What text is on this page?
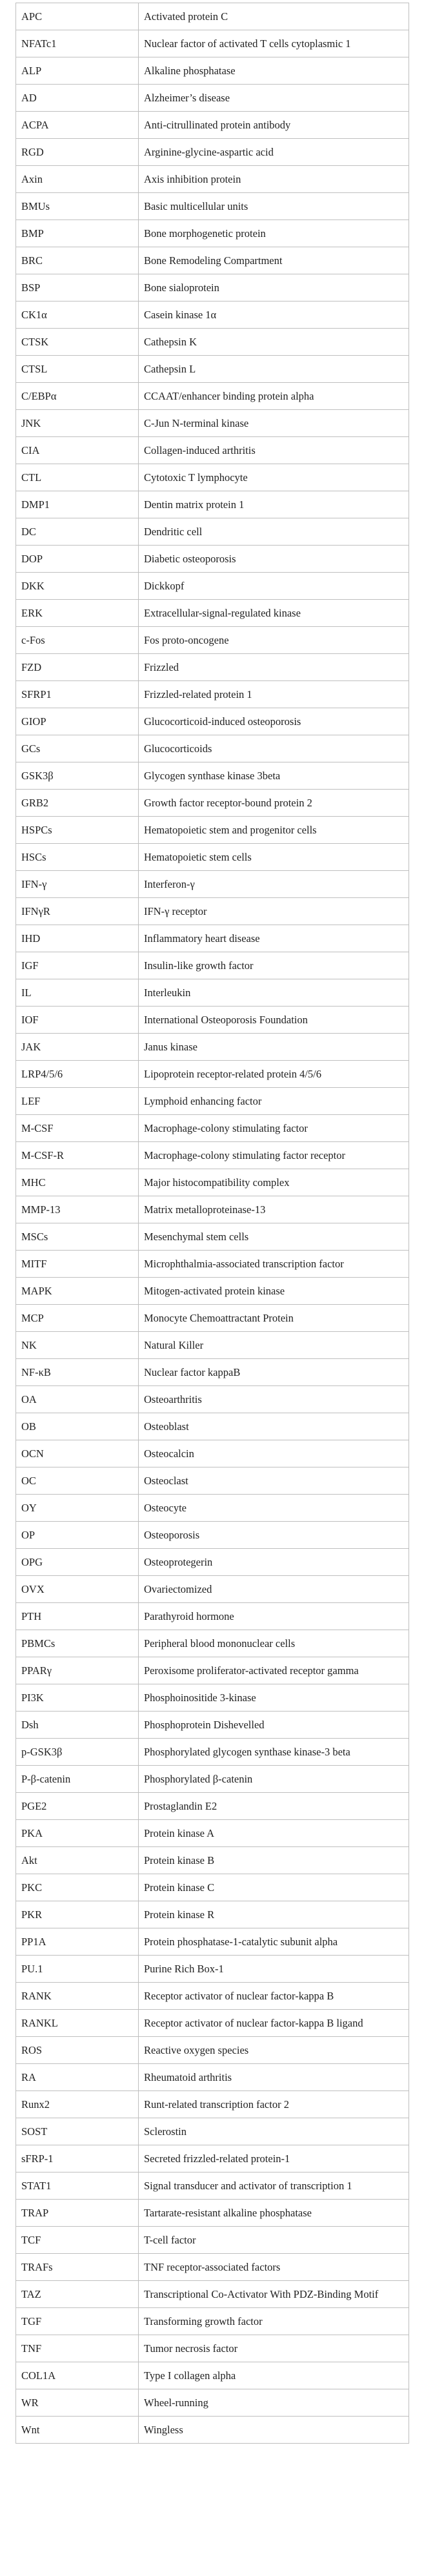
APC	Activated protein C
NFATc1	Nuclear factor of activated T cells cytoplasmic 1
ALP	Alkaline phosphatase
AD	Alzheimer’s disease
ACPA	Anti-citrullinated protein antibody
RGD	Arginine-glycine-aspartic acid
Axin	Axis inhibition protein
BMUs	Basic multicellular units
BMP	Bone morphogenetic protein
BRC	Bone Remodeling Compartment
BSP	Bone sialoprotein
CK1α	Casein kinase 1α
CTSK	Cathepsin K
CTSL	Cathepsin L
C/EBPα	CCAAT/enhancer binding protein alpha
JNK	C-Jun N-terminal kinase
CIA	Collagen-induced arthritis
CTL	Cytotoxic T lymphocyte
DMP1	Dentin matrix protein 1
DC	Dendritic cell
DOP	Diabetic osteoporosis
DKK	Dickkopf
ERK	Extracellular-signal-regulated kinase
c-Fos	Fos proto-oncogene
FZD	Frizzled
SFRP1	Frizzled-related protein 1
GIOP	Glucocorticoid-induced osteoporosis
GCs	Glucocorticoids
GSK3β	Glycogen synthase kinase 3beta
GRB2	Growth factor receptor-bound protein 2
HSPCs	Hematopoietic stem and progenitor cells
HSCs	Hematopoietic stem cells
IFN-γ	Interferon-γ
IFNγR	IFN-γ receptor
IHD	Inflammatory heart disease
IGF	Insulin-like growth factor
IL	Interleukin
IOF	International Osteoporosis Foundation
JAK	Janus kinase
LRP4/5/6	Lipoprotein receptor-related protein 4/5/6
LEF	Lymphoid enhancing factor
M-CSF	Macrophage-colony stimulating factor
M-CSF-R	Macrophage-colony stimulating factor receptor
MHC	Major histocompatibility complex
MMP-13	Matrix metalloproteinase-13
MSCs	Mesenchymal stem cells
MITF	Microphthalmia-associated transcription factor
MAPK	Mitogen-activated protein kinase
MCP	Monocyte Chemoattractant Protein
NK	Natural Killer
NF-κB	Nuclear factor kappaB
OA	Osteoarthritis
OB	Osteoblast
OCN	Osteocalcin
OC	Osteoclast
OY	Osteocyte
OP	Osteoporosis
OPG	Osteoprotegerin
OVX	Ovariectomized
PTH	Parathyroid hormone
PBMCs	Peripheral blood mononuclear cells
PPARγ	Peroxisome proliferator-activated receptor gamma
PI3K	Phosphoinositide 3-kinase
Dsh	Phosphoprotein Dishevelled
p-GSK3β	Phosphorylated glycogen synthase kinase-3 beta
P-β-catenin	Phosphorylated β-catenin
PGE2	Prostaglandin E2
PKA	Protein kinase A
Akt	Protein kinase B
PKC	Protein kinase C
PKR	Protein kinase R
PP1A	Protein phosphatase-1-catalytic subunit alpha
PU.1	Purine Rich Box-1
RANK	Receptor activator of nuclear factor-kappa B
RANKL	Receptor activator of nuclear factor-kappa B ligand
ROS	Reactive oxygen species
RA	Rheumatoid arthritis
Runx2	Runt-related transcription factor 2
SOST	Sclerostin
sFRP-1	Secreted frizzled-related protein-1
STAT1	Signal transducer and activator of transcription 1
TRAP	Tartarate-resistant alkaline phosphatase
TCF	T-cell factor
TRAFs	TNF receptor-associated factors
TAZ	Transcriptional Co-Activator With PDZ-Binding Motif
TGF	Transforming growth factor
TNF	Tumor necrosis factor
COL1A	Type I collagen alpha
WR	Wheel-running
Wnt	Wingless
